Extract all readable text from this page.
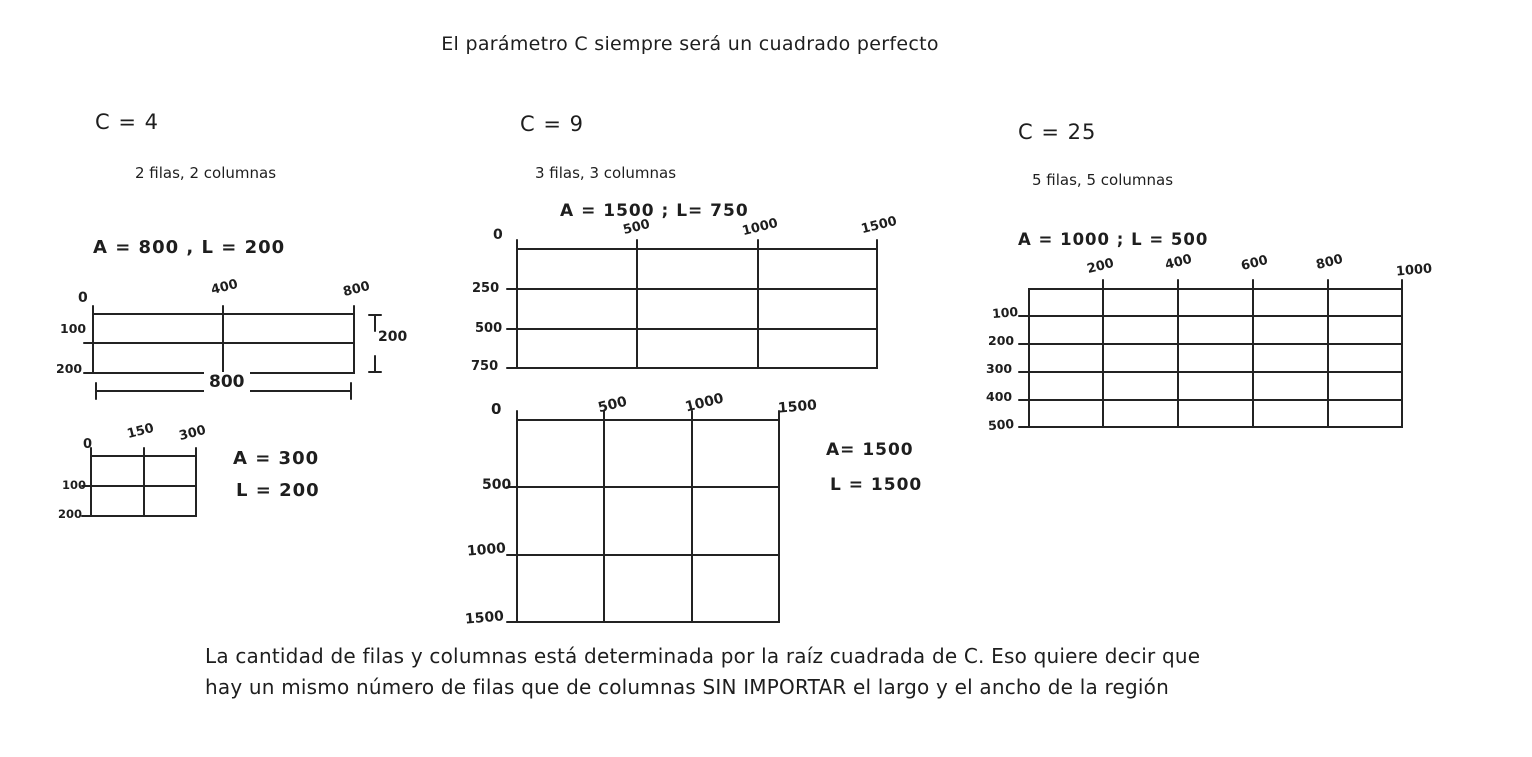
El parámetro C siempre será un cuadrado perfecto
C = 4
2 filas, 2 columnas
A = 800 , L = 200
0	400	800
100
200
800
200
0
150 300
100
200
A = 300
L = 200
C = 9
3 filas, 3 columnas
A = 1500 ; L= 750
0	500	1000	1500
250
500
750
0	500	1000	1500
500
1000
1500
A= 1500
L = 1500
C = 25
5 filas, 5 columnas
A = 1000 ; L = 500
200	400	600	800	1000
100
200
300
400
500
La cantidad de filas y columnas está determinada por la raíz cuadrada de C. Eso quiere decir que
hay un mismo número de filas que de columnas SIN IMPORTAR el largo y el ancho de la región
